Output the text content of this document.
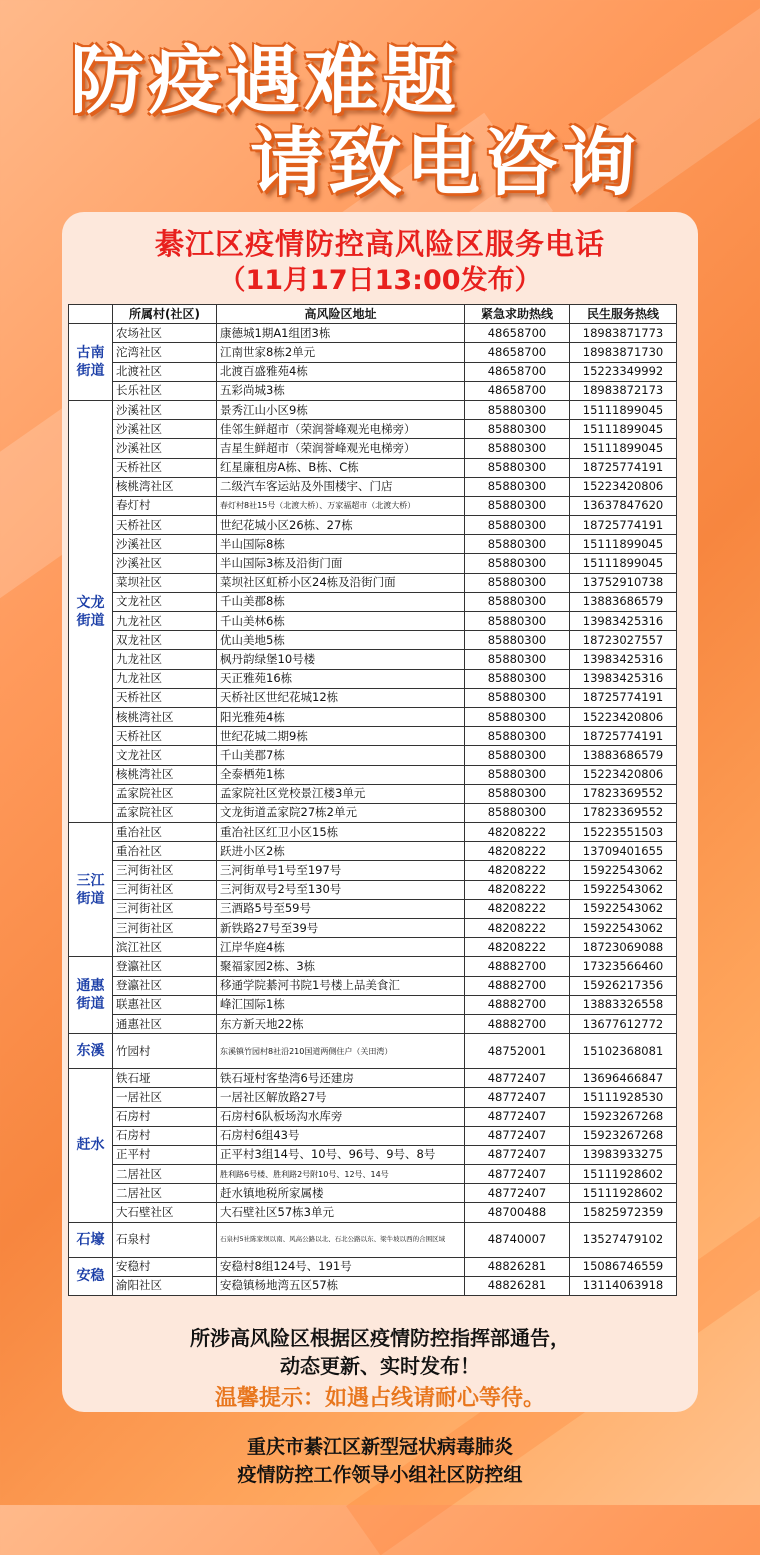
防疫遇难题
请致电咨询
綦江区疫情防控高风险区服务电话
（11月17日13:00发布）
	所属村(社区)	高风险区地址	紧急求助热线	民生服务热线
古南街道	农场社区	康德城1期A1组团3栋	48658700	18983871773
	沱湾社区	江南世家8栋2单元	48658700	18983871730
	北渡社区	北渡百盛雅苑4栋	48658700	15223349992
	长乐社区	五彩尚城3栋	48658700	18983872173
文龙街道	沙溪社区	景秀江山小区9栋	85880300	15111899045
	沙溪社区	佳邻生鲜超市（荣润誉峰观光电梯旁）	85880300	15111899045
	沙溪社区	吉星生鲜超市（荣润誉峰观光电梯旁）	85880300	15111899045
	天桥社区	红星廉租房A栋、B栋、C栋	85880300	18725774191
	核桃湾社区	二级汽车客运站及外围楼宇、门店	85880300	15223420806
	春灯村	春灯村8社15号（北渡大桥）、万家福超市（北渡大桥）	85880300	13637847620
	天桥社区	世纪花城小区26栋、27栋	85880300	18725774191
	沙溪社区	半山国际8栋	85880300	15111899045
	沙溪社区	半山国际3栋及沿街门面	85880300	15111899045
	菜坝社区	菜坝社区虹桥小区24栋及沿街门面	85880300	13752910738
	文龙社区	千山美郡8栋	85880300	13883686579
	九龙社区	千山美林6栋	85880300	13983425316
	双龙社区	优山美地5栋	85880300	18723027557
	九龙社区	枫丹韵绿堡10号楼	85880300	13983425316
	九龙社区	天正雅苑16栋	85880300	13983425316
	天桥社区	天桥社区世纪花城12栋	85880300	18725774191
	核桃湾社区	阳光雅苑4栋	85880300	15223420806
	天桥社区	世纪花城二期9栋	85880300	18725774191
	文龙社区	千山美郡7栋	85880300	13883686579
	核桃湾社区	全泰栖苑1栋	85880300	15223420806
	孟家院社区	孟家院社区党校景江楼3单元	85880300	17823369552
	孟家院社区	文龙街道孟家院27栋2单元	85880300	17823369552
三江街道	重冶社区	重冶社区红卫小区15栋	48208222	15223551503
	重冶社区	跃进小区2栋	48208222	13709401655
	三河街社区	三河街单号1号至197号	48208222	15922543062
	三河街社区	三河街双号2号至130号	48208222	15922543062
	三河街社区	三酒路5号至59号	48208222	15922543062
	三河街社区	新铁路27号至39号	48208222	15922543062
	滨江社区	江岸华庭4栋	48208222	18723069088
通惠街道	登瀛社区	聚福家园2栋、3栋	48882700	17323566460
	登瀛社区	移通学院綦河书院1号楼上品美食汇	48882700	15926217356
	联惠社区	峰汇国际1栋	48882700	13883326558
	通惠社区	东方新天地22栋	48882700	13677612772
东溪	竹园村	东溪镇竹园村8社沿210国道两侧住户（关田湾）	48752001	15102368081
赶水	铁石垭	铁石垭村客垫湾6号还建房	48772407	13696466847
	一居社区	一居社区解放路27号	48772407	15111928530
	石房村	石房村6队板场沟水库旁	48772407	15923267268
	石房村	石房村6组43号	48772407	15923267268
	正平村	正平村3组14号、10号、96号、9号、8号	48772407	13983933275
	二居社区	胜利路6号楼、胜利路2号附10号、12号、14号	48772407	15111928602
	二居社区	赶水镇地税所家属楼	48772407	15111928602
	大石壁社区	大石壁社区57栋3单元	48700488	15825972359
石壕	石泉村	石泉村5社陈家坝以南、风高公路以北、石北公路以东、梁牛坡以西的合围区域	48740007	13527479102
安稳	安稳村	安稳村8组124号、191号	48826281	15086746559
	渝阳社区	安稳镇杨地湾五区57栋	48826281	13114063918
所涉高风险区根据区疫情防控指挥部通告，
动态更新、实时发布！
温馨提示：如遇占线请耐心等待。
重庆市綦江区新型冠状病毒肺炎
疫情防控工作领导小组社区防控组
